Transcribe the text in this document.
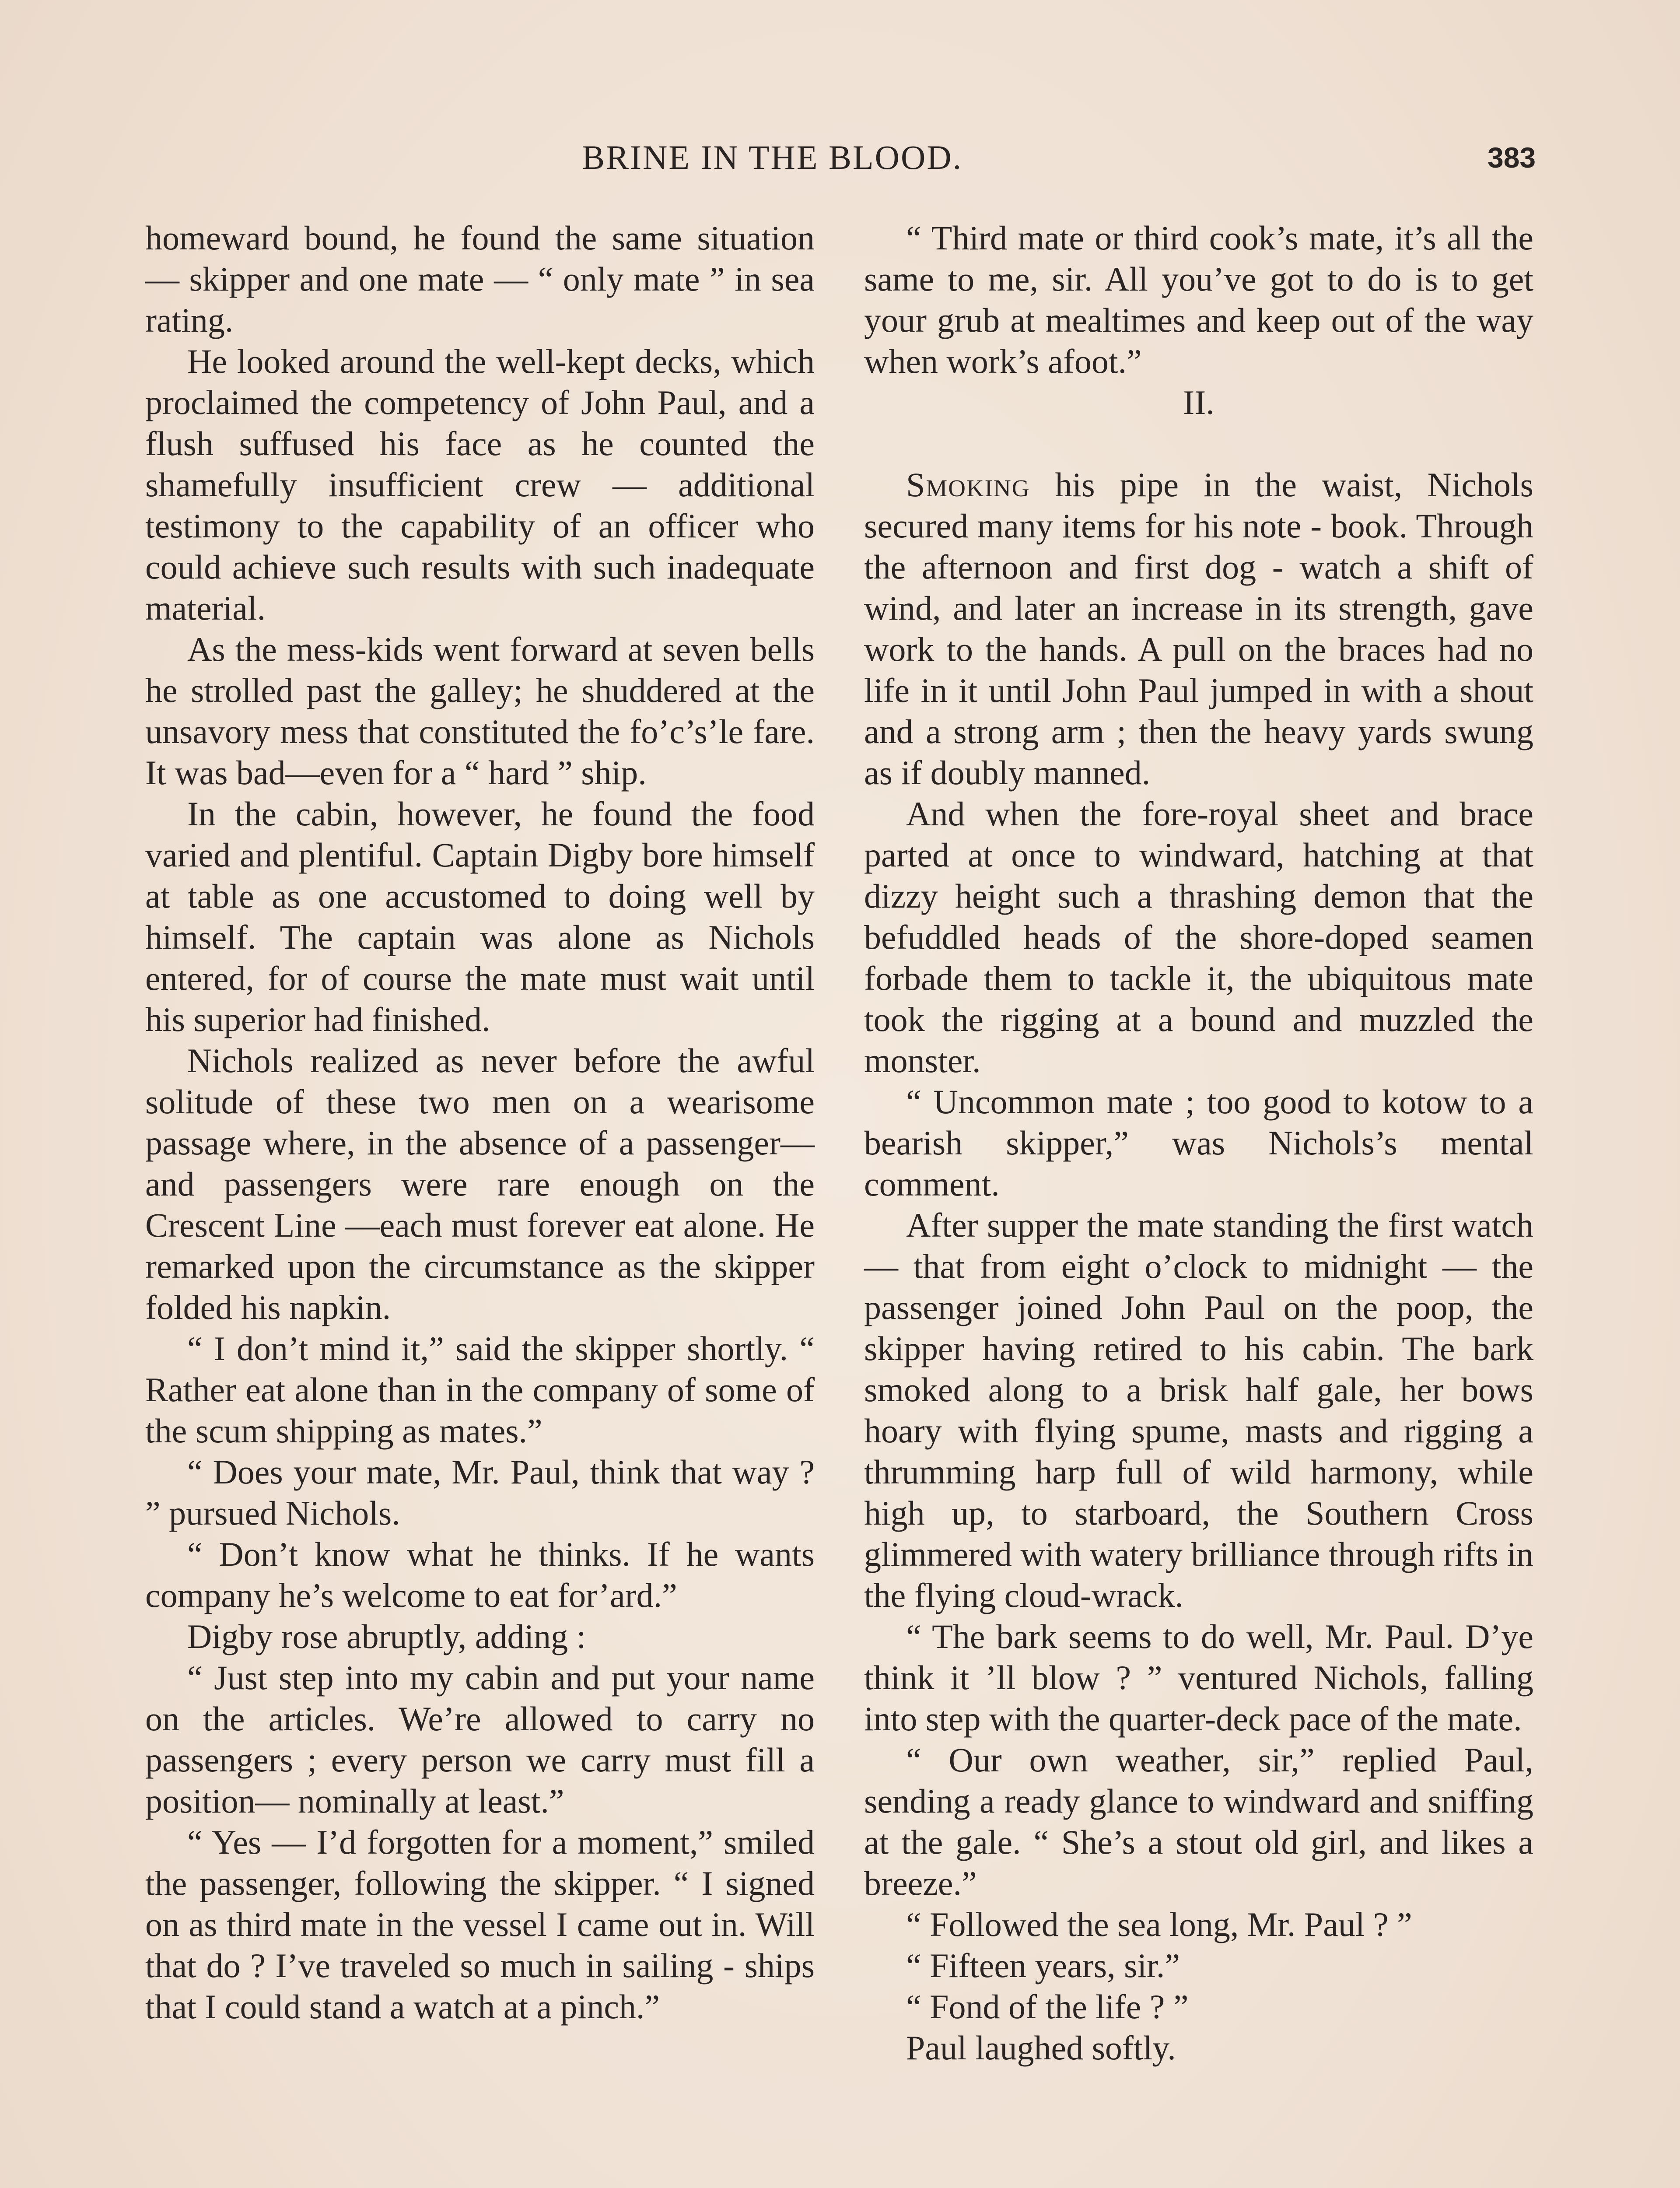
BRINE IN THE BLOOD.	383

homeward bound, he found the same situation — skipper and one mate — “ only mate ” in sea rating.

He looked around the well-kept decks, which proclaimed the competency of John Paul, and a flush suffused his face as he counted the shamefully insufficient crew — additional testimony to the capability of an officer who could achieve such results with such inadequate material.

As the mess-kids went forward at seven bells he strolled past the galley; he shuddered at the unsavory mess that constituted the fo’c’s’le fare. It was bad—even for a “ hard ” ship.

In the cabin, however, he found the food varied and plentiful. Captain Digby bore himself at table as one accustomed to doing well by himself. The captain was alone as Nichols entered, for of course the mate must wait until his superior had finished.

Nichols realized as never before the awful solitude of these two men on a wearisome passage where, in the absence of a passenger—and passengers were rare enough on the Crescent Line —each must forever eat alone. He remarked upon the circumstance as the skipper folded his napkin.

“ I don’t mind it,” said the skipper shortly. “ Rather eat alone than in the company of some of the scum shipping as mates.”

“ Does your mate, Mr. Paul, think that way ? ” pursued Nichols.

“ Don’t know what he thinks. If he wants company he’s welcome to eat for’ard.”

Digby rose abruptly, adding :

“ Just step into my cabin and put your name on the articles. We’re allowed to carry no passengers ; every person we carry must fill a position— nominally at least.”

“ Yes — I’d forgotten for a moment,” smiled the passenger, following the skipper. “ I signed on as third mate in the vessel I came out in. Will that do ? I’ve traveled so much in sailing - ships that I could stand a watch at a pinch.”

“ Third mate or third cook’s mate, it’s all the same to me, sir. All you’ve got to do is to get your grub at mealtimes and keep out of the way when work’s afoot.”

II.

Smoking his pipe in the waist, Nichols secured many items for his note - book. Through the afternoon and first dog - watch a shift of wind, and later an increase in its strength, gave work to the hands. A pull on the braces had no life in it until John Paul jumped in with a shout and a strong arm ; then the heavy yards swung as if doubly manned.

And when the fore-royal sheet and brace parted at once to windward, hatching at that dizzy height such a thrashing demon that the befuddled heads of the shore-doped seamen forbade them to tackle it, the ubiquitous mate took the rigging at a bound and muzzled the monster.

“ Uncommon mate ; too good to kotow to a bearish skipper,” was Nichols’s mental comment.

After supper the mate standing the first watch — that from eight o’clock to midnight — the passenger joined John Paul on the poop, the skipper having retired to his cabin. The bark smoked along to a brisk half gale, her bows hoary with flying spume, masts and rigging a thrumming harp full of wild harmony, while high up, to starboard, the Southern Cross glimmered with watery brilliance through rifts in the flying cloud-wrack.

“ The bark seems to do well, Mr. Paul. D’ye think it ’ll blow ? ” ventured Nichols, falling into step with the quarter-deck pace of the mate.

“ Our own weather, sir,” replied Paul, sending a ready glance to windward and sniffing at the gale. “ She’s a stout old girl, and likes a breeze.”

“ Followed the sea long, Mr. Paul ? ”

“ Fifteen years, sir.”

“ Fond of the life ? ”

Paul laughed softly.
